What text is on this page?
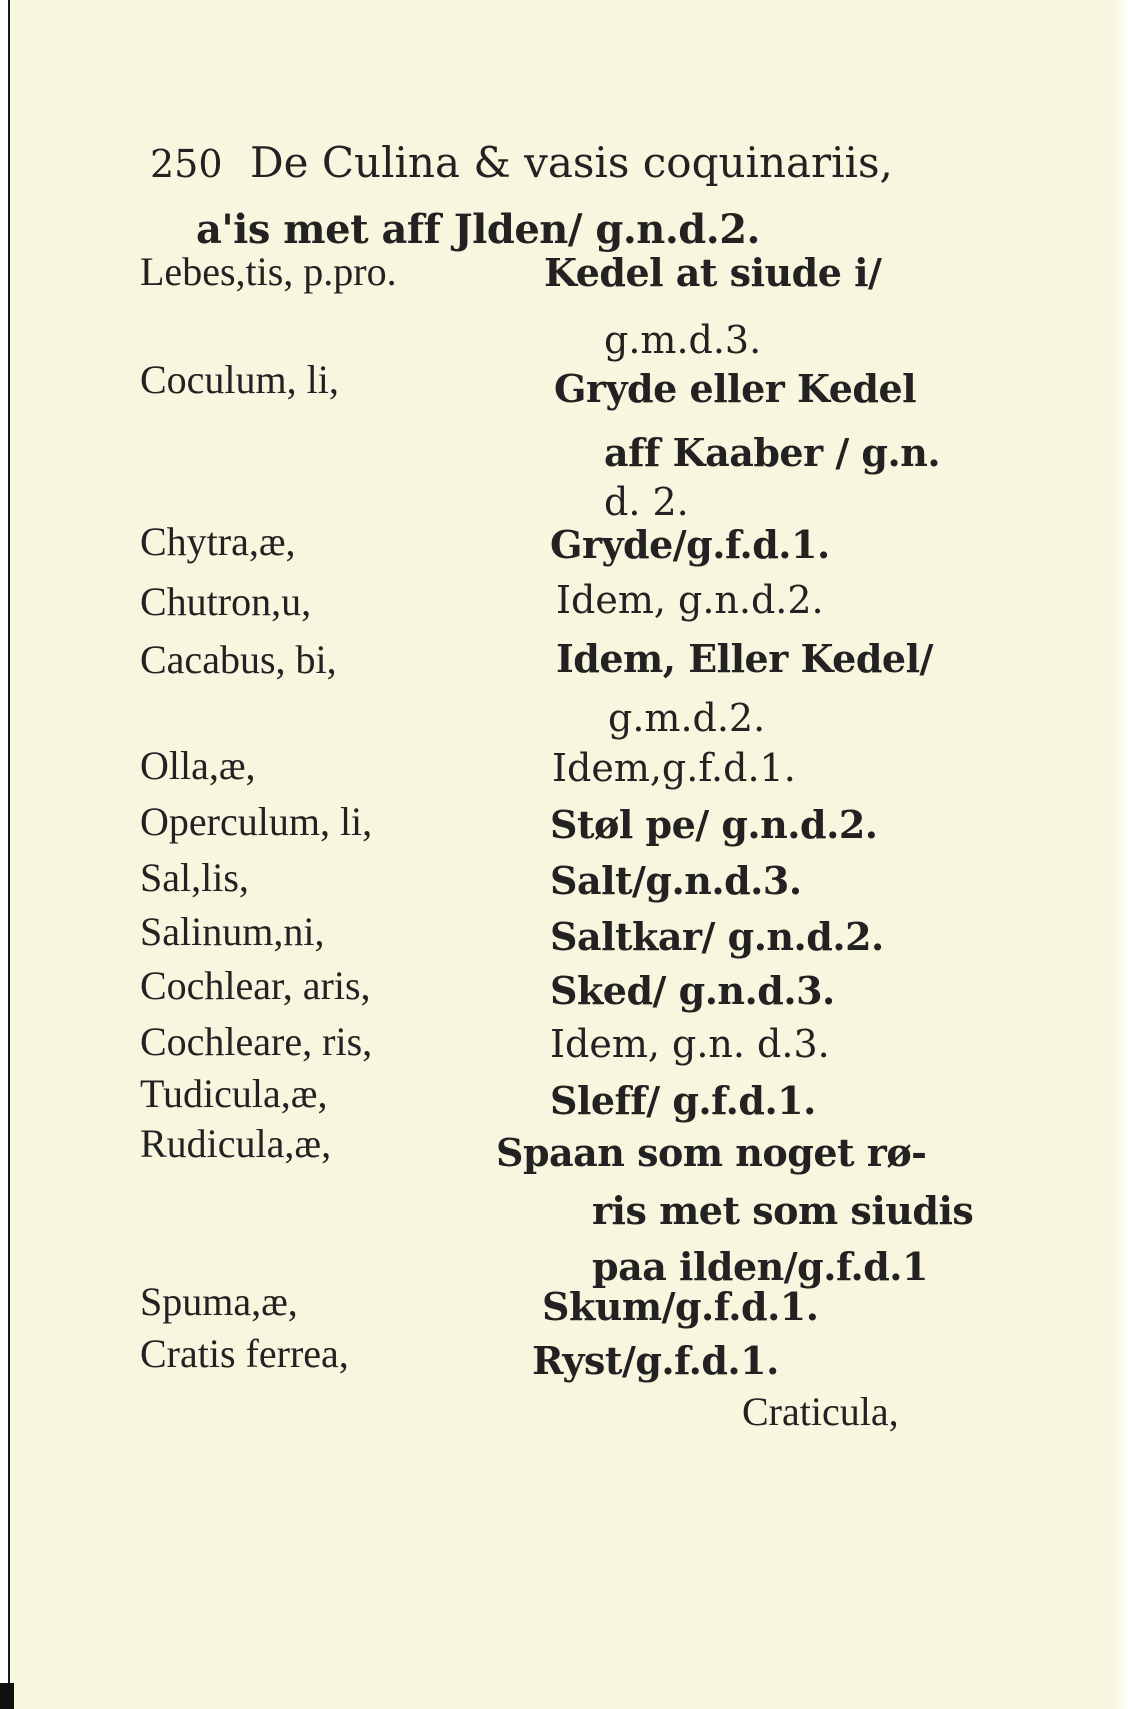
250 De Culina & vasis coquinariis,
a'is met aff Jlden/ g.n.d.2.
Lebes,tis, p.pro.	Kedel at siude i/
g.m.d.3.
Coculum, li,	Gryde eller Kedel
aff Kaaber / g.n.
d. 2.
Chytra,æ,	Gryde/g.f.d.1.
Chutron,u,	Idem, g.n.d.2.
Cacabus, bi,	Idem, Eller Kedel/
g.m.d.2.
Olla,æ,	Idem,g.f.d.1.
Operculum, li,	Støl pe/ g.n.d.2.
Sal,lis,	Salt/g.n.d.3.
Salinum,ni,	Saltkar/ g.n.d.2.
Cochlear, aris,	Sked/ g.n.d.3.
Cochleare, ris,	Idem, g.n. d.3.
Tudicula,æ,	Sleff/ g.f.d.1.
Rudicula,æ,	Spaan som noget rø-
ris met som siudis
paa ilden/g.f.d.1
Spuma,æ,	Skum/g.f.d.1.
Cratis ferrea,	Ryst/g.f.d.1.
Craticula,
